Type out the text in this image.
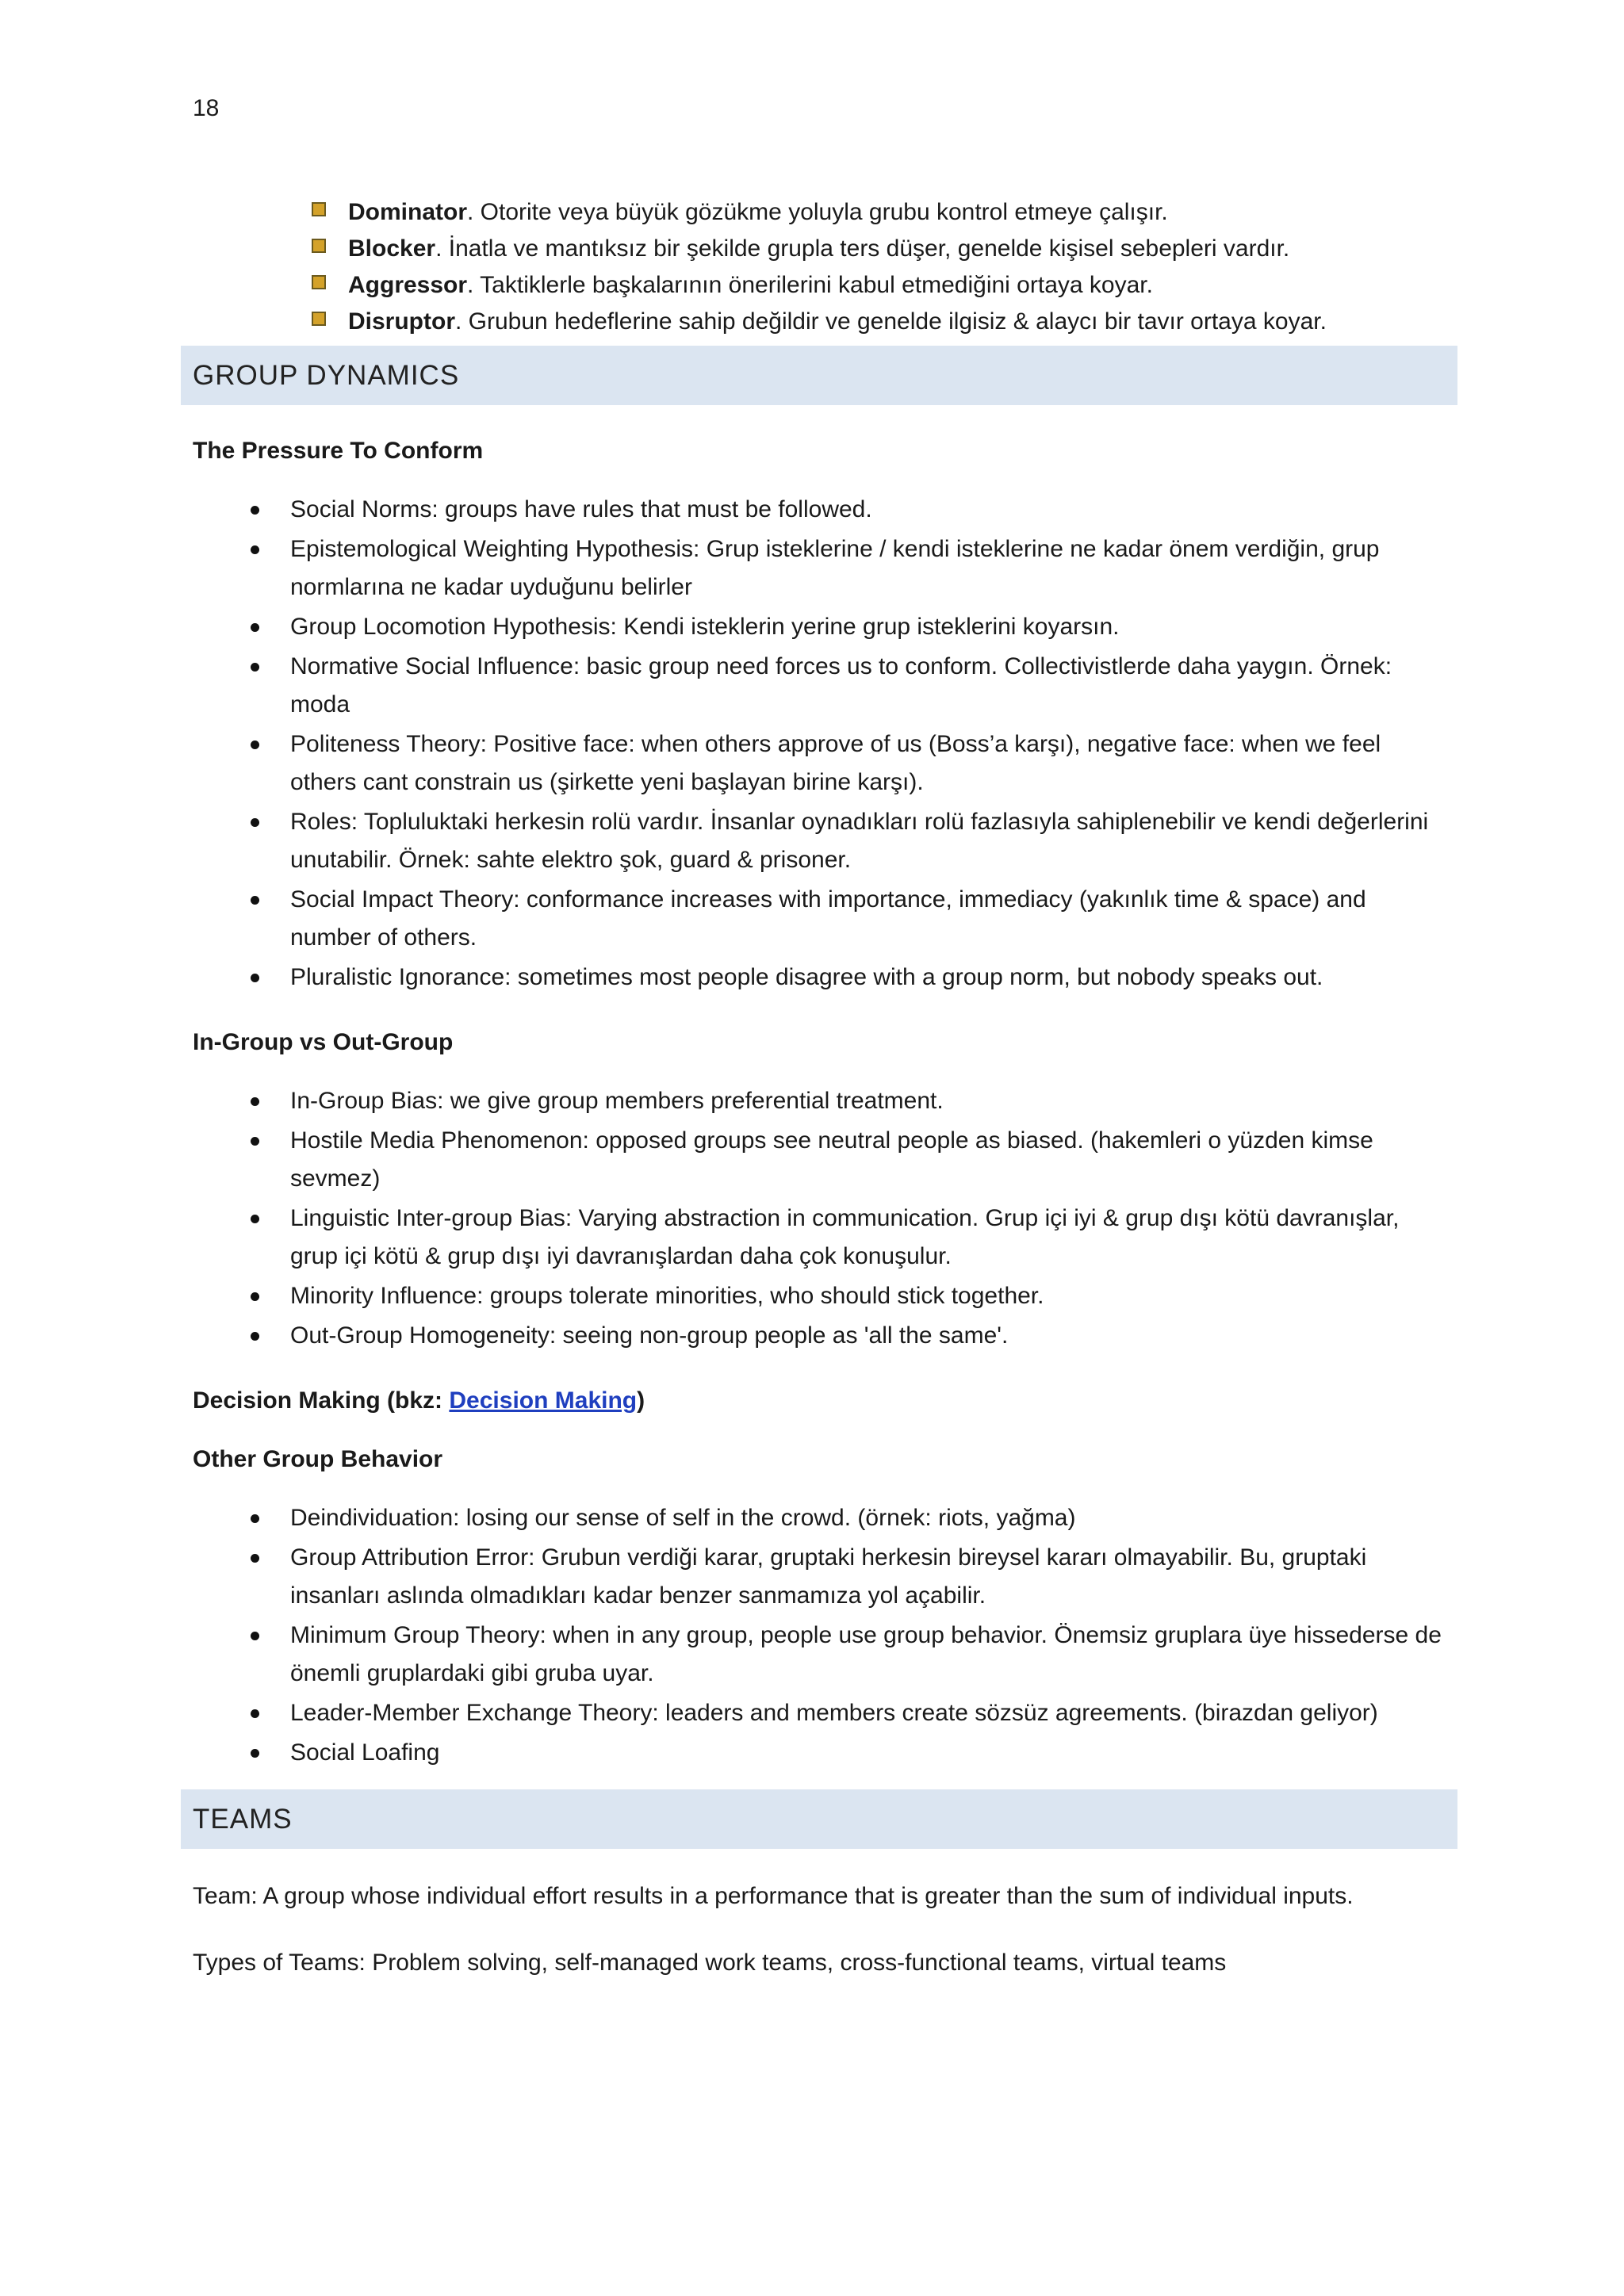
18
Dominator. Otorite veya büyük gözükme yoluyla grubu kontrol etmeye çalışır.
Blocker. İnatla ve mantıksız bir şekilde grupla ters düşer, genelde kişisel sebepleri vardır.
Aggressor. Taktiklerle başkalarının önerilerini kabul etmediğini ortaya koyar.
Disruptor. Grubun hedeflerine sahip değildir ve genelde ilgisiz & alaycı bir tavır ortaya koyar.
GROUP DYNAMICS
The Pressure To Conform
Social Norms: groups have rules that must be followed.
Epistemological Weighting Hypothesis: Grup isteklerine / kendi isteklerine ne kadar önem verdiğin, grup normlarına ne kadar uyduğunu belirler
Group Locomotion Hypothesis: Kendi isteklerin yerine grup isteklerini koyarsın.
Normative Social Influence: basic group need forces us to conform. Collectivistlerde daha yaygın. Örnek: moda
Politeness Theory: Positive face: when others approve of us (Boss’a karşı), negative face: when we feel others cant constrain us (şirkette yeni başlayan birine karşı).
Roles: Topluluktaki herkesin rolü vardır. İnsanlar oynadıkları rolü fazlasıyla sahiplenebilir ve kendi değerlerini unutabilir. Örnek: sahte elektro şok, guard & prisoner.
Social Impact Theory: conformance increases with importance, immediacy (yakınlık time & space) and number of others.
Pluralistic Ignorance: sometimes most people disagree with a group norm, but nobody speaks out.
In-Group vs Out-Group
In-Group Bias: we give group members preferential treatment.
Hostile Media Phenomenon: opposed groups see neutral people as biased. (hakemleri o yüzden kimse sevmez)
Linguistic Inter-group Bias: Varying abstraction in communication. Grup içi iyi & grup dışı kötü davranışlar, grup içi kötü & grup dışı iyi davranışlardan daha çok konuşulur.
Minority Influence: groups tolerate minorities, who should stick together.
Out-Group Homogeneity: seeing non-group people as 'all the same'.
Decision Making (bkz: Decision Making)
Other Group Behavior
Deindividuation: losing our sense of self in the crowd. (örnek: riots, yağma)
Group Attribution Error: Grubun verdiği karar, gruptaki herkesin bireysel kararı olmayabilir. Bu, gruptaki insanları aslında olmadıkları kadar benzer sanmamıza yol açabilir.
Minimum Group Theory: when in any group, people use group behavior. Önemsiz gruplara üye hissederse de önemli gruplardaki gibi gruba uyar.
Leader-Member Exchange Theory: leaders and members create sözsüz agreements. (birazdan geliyor)
Social Loafing
TEAMS
Team: A group whose individual effort results in a performance that is greater than the sum of individual inputs.
Types of Teams: Problem solving, self-managed work teams, cross-functional teams, virtual teams
